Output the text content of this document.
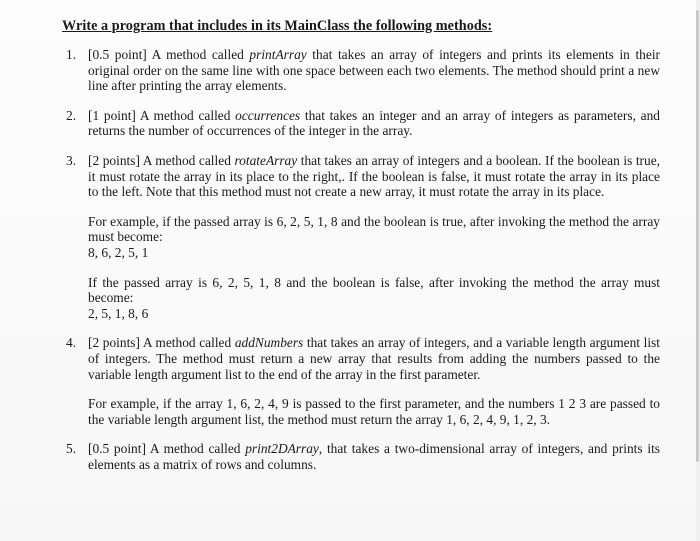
Write a program that includes in its MainClass the following methods:
1. [0.5 point] A method called printArray that takes an array of integers and prints its elements in their original order on the same line with one space between each two elements. The method should print a new line after printing the array elements.

2. [1 point] A method called occurrences that takes an integer and an array of integers as parameters, and returns the number of occurrences of the integer in the array.

3. [2 points] A method called rotateArray that takes an array of integers and a boolean. If the boolean is true, it must rotate the array in its place to the right,. If the boolean is false, it must rotate the array in its place to the left. Note that this method must not create a new array, it must rotate the array in its place.

For example, if the passed array is 6, 2, 5, 1, 8 and the boolean is true, after invoking the method the array must become:
8, 6, 2, 5, 1

If the passed array is 6, 2, 5, 1, 8 and the boolean is false, after invoking the method the array must become:
2, 5, 1, 8, 6

4. [2 points] A method called addNumbers that takes an array of integers, and a variable length argument list of integers. The method must return a new array that results from adding the numbers passed to the variable length argument list to the end of the array in the first parameter.

For example, if the array 1, 6, 2, 4, 9 is passed to the first parameter, and the numbers 1 2 3 are passed to the variable length argument list, the method must return the array 1, 6, 2, 4, 9, 1, 2, 3.

5. [0.5 point] A method called print2DArray, that takes a two-dimensional array of integers, and prints its elements as a matrix of rows and columns.
